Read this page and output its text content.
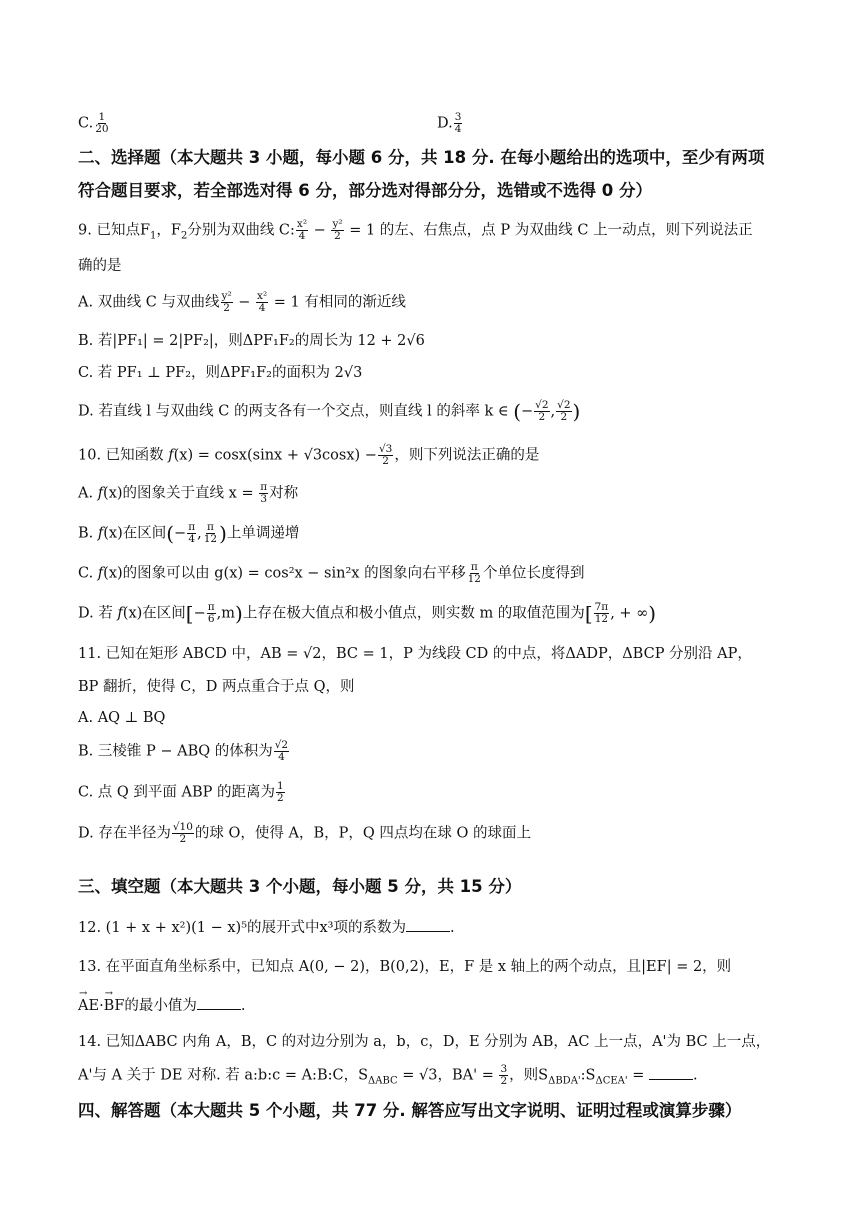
C. $\frac{1}{20}$	D. $\frac{3}{4}$
二、选择题（本大题共 3 小题，每小题 6 分，共 18 分. 在每小题给出的选项中，至少有两项
符合题目要求，若全部选对得 6 分，部分选对得部分分，选错或不选得 0 分）
9. 已知点$F_1$，$F_2$分别为双曲线 C: $\frac{\text{x²}}{4} - \frac{\text{y²}}{2} = 1$ 的左、右焦点，点 P 为双曲线 C 上一动点，则下列说法正
确的是
A. 双曲线 C 与双曲线 $\frac{\text{y²}}{2} - \frac{\text{x²}}{4} = 1$ 有相同的渐近线
B. 若|PF₁| = 2|PF₂|，则ΔPF₁F₂的周长为 12 + 2√6
C. 若 PF₁ ⊥ PF₂，则ΔPF₁F₂的面积为 2√3
D. 若直线 l 与双曲线 C 的两支各有一个交点，则直线 l 的斜率 k ∈ (− $\frac{√2}{2}$ , $\frac{√2}{2}$ )
10. 已知函数 𝑓(x) = $\cos x(\sin x + √3\cos x) - \frac{√3}{2}$ ，则下列说法正确的是
A. 𝑓(x)的图象关于直线 $x = \frac{\pi}{3}$ 对称
B. 𝑓(x)在区间(− $\frac{\pi}{4}$ , $\frac{\pi}{12}$ )上单调递增
C. 𝑓(x)的图象可以由 g(x) = cos²x − sin²x 的图象向右平移 $\frac{\pi}{12}$ 个单位长度得到
D. 若 𝑓(x)在区间[− $\frac{\pi}{6} ,m$)上存在极大值点和极小值点，则实数 m 的取值范围为[ $\frac{7\pi}{12}$ , + ∞)
11. 已知在矩形 ABCD 中，AB = √2，BC = 1，P 为线段 CD 的中点，将ΔADP，ΔBCP 分别沿 AP，
BP 翻折，使得 C，D 两点重合于点 Q，则
A. AQ ⊥ BQ
B. 三棱锥 P − ABQ 的体积为 $\frac{√2}{4}$
C. 点 Q 到平面 ABP 的距离为 $\frac{1}{2}$
D. 存在半径为 $\frac{√10}{2}$ 的球 O，使得 A，B，P，Q 四点均在球 O 的球面上
三、填空题（本大题共 3 个小题，每小题 5 分，共 15 分）
12. (1 + x + x²)(1 − x)⁵的展开式中x³项的系数为	.
13. 在平面直角坐标系中，已知点 A(0, − 2)，B(0,2)，E，F 是 x 轴上的两个动点，且|EF| = 2，则
→ AE·→ BF的最小值为	.
14. 已知ΔABC 内角 A，B，C 的对边分别为 a，b，c，D，E 分别为 AB，AC 上一点，A'为 BC 上一点，
A'与 A 关于 DE 对称. 若 a:b:c = A:B:C，$S_{\Delta ABC} = √3$，$BA' = \frac{3}{2}$ ，则$S_{\Delta BDA'}:S_{\Delta CEA'}$ =	.
四、解答题（本大题共 5 个小题，共 77 分. 解答应写出文字说明、证明过程或演算步骤）
